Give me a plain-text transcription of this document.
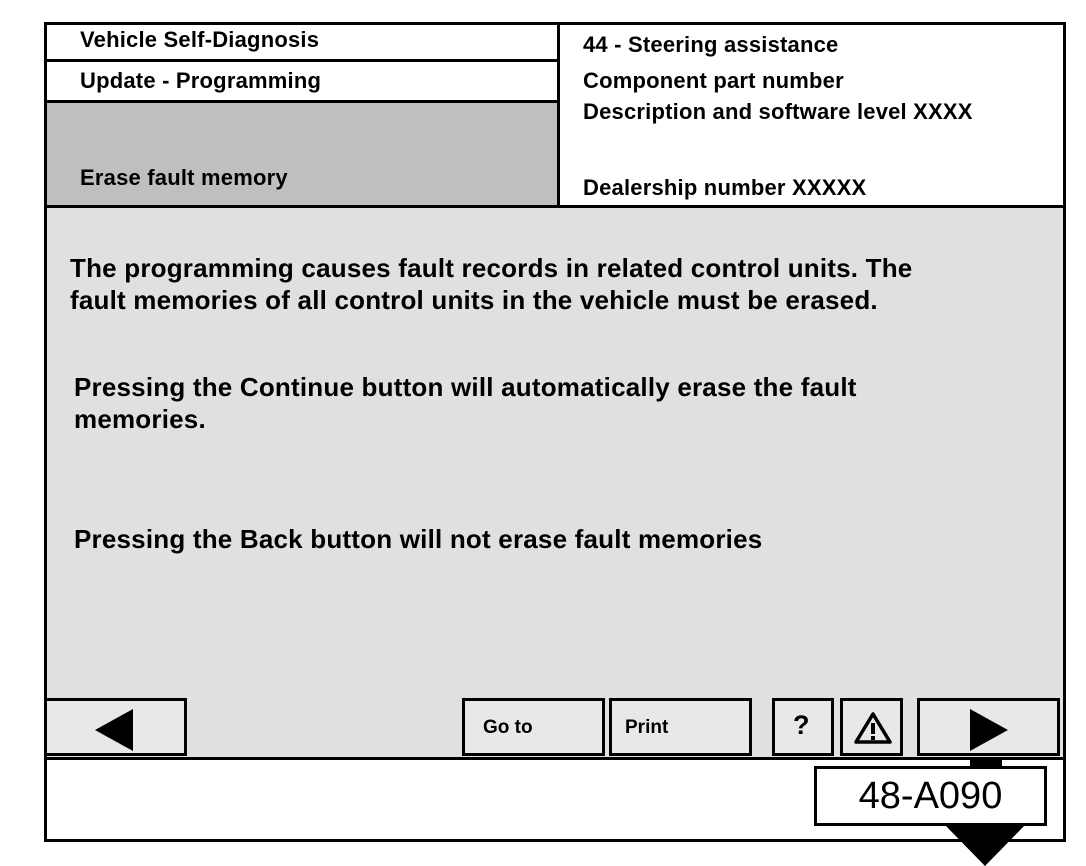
Vehicle Self-Diagnosis
Update - Programming
Erase fault memory
44 - Steering assistance
Component part number
Description and software level XXXX
Dealership number XXXXX
The programming causes fault records in related control units. The
fault memories of all control units in the vehicle must be erased.
Pressing the Continue button will automatically erase the fault
memories.
Pressing the Back button will not erase fault memories
Go to	Print	?
48-A090
